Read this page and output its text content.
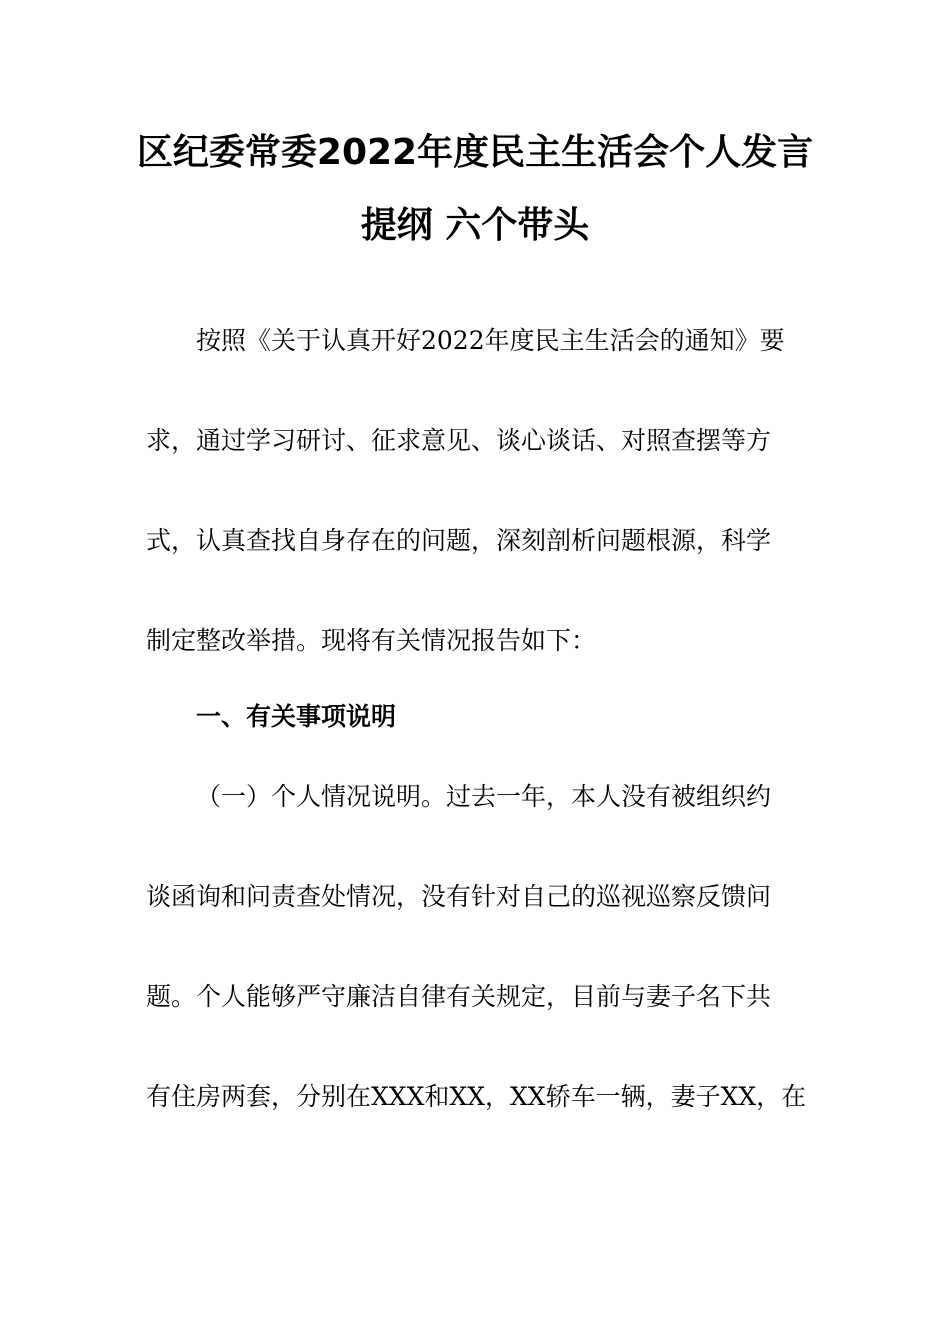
区纪委常委2022年度民主生活会个人发言
提纲 六个带头
按照《关于认真开好2022年度民主生活会的通知》要
求，通过学习研讨、征求意见、谈心谈话、对照查摆等方
式，认真查找自身存在的问题，深刻剖析问题根源，科学
制定整改举措。现将有关情况报告如下：
一、有关事项说明
（一）个人情况说明。过去一年，本人没有被组织约
谈函询和问责查处情况，没有针对自己的巡视巡察反馈问
题。个人能够严守廉洁自律有关规定，目前与妻子名下共
有住房两套，分别在XXX和XX，XX轿车一辆，妻子XX，在
